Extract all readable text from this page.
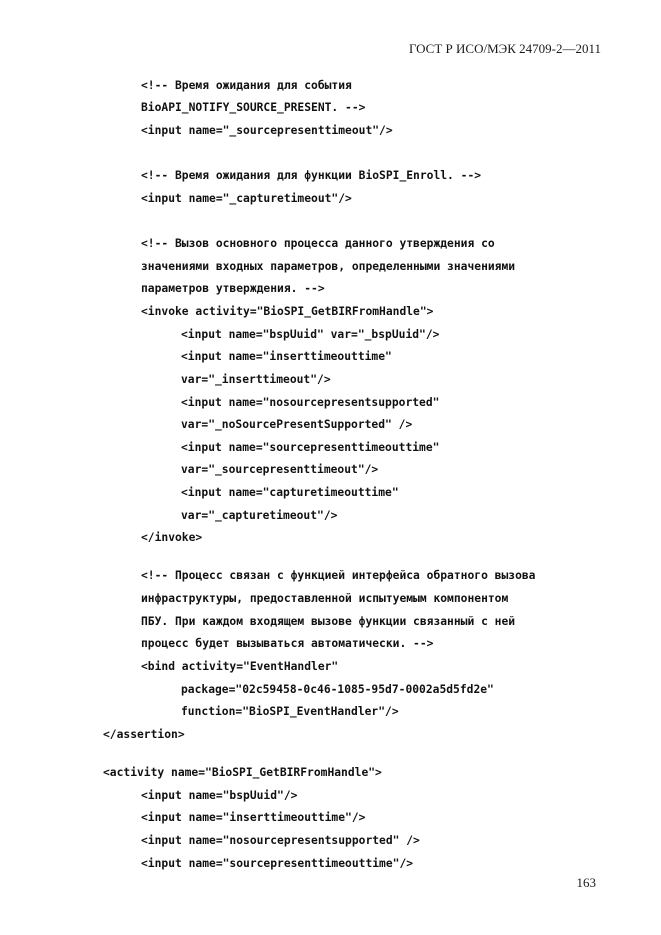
ГОСТ Р ИСО/МЭК 24709-2—2011
<!-- Время ожидания для события
BioAPI_NOTIFY_SOURCE_PRESENT. -->
<input name="_sourcepresenttimeout"/>
<!-- Время ожидания для функции BioSPI_Enroll. -->
<input name="_capturetimeout"/>
<!-- Вызов основного процесса данного утверждения со
значениями входных параметров, определенными значениями
параметров утверждения. -->
<invoke activity="BioSPI_GetBIRFromHandle">
<input name="bspUuid" var="_bspUuid"/>
<input name="inserttimeouttime"
var="_inserttimeout"/>
<input name="nosourcepresentsupported"
var="_noSourcePresentSupported" />
<input name="sourcepresenttimeouttime"
var="_sourcepresenttimeout"/>
<input name="capturetimeouttime"
var="_capturetimeout"/>
</invoke>
<!-- Процесс связан с функцией интерфейса обратного вызова
инфраструктуры, предоставленной испытуемым компонентом
ПБУ. При каждом входящем вызове функции связанный с ней
процесс будет вызываться автоматически. -->
<bind activity="EventHandler"
package="02c59458-0c46-1085-95d7-0002a5d5fd2e"
function="BioSPI_EventHandler"/>
</assertion>
<activity name="BioSPI_GetBIRFromHandle">
<input name="bspUuid"/>
<input name="inserttimeouttime"/>
<input name="nosourcepresentsupported" />
<input name="sourcepresenttimeouttime"/>
163
